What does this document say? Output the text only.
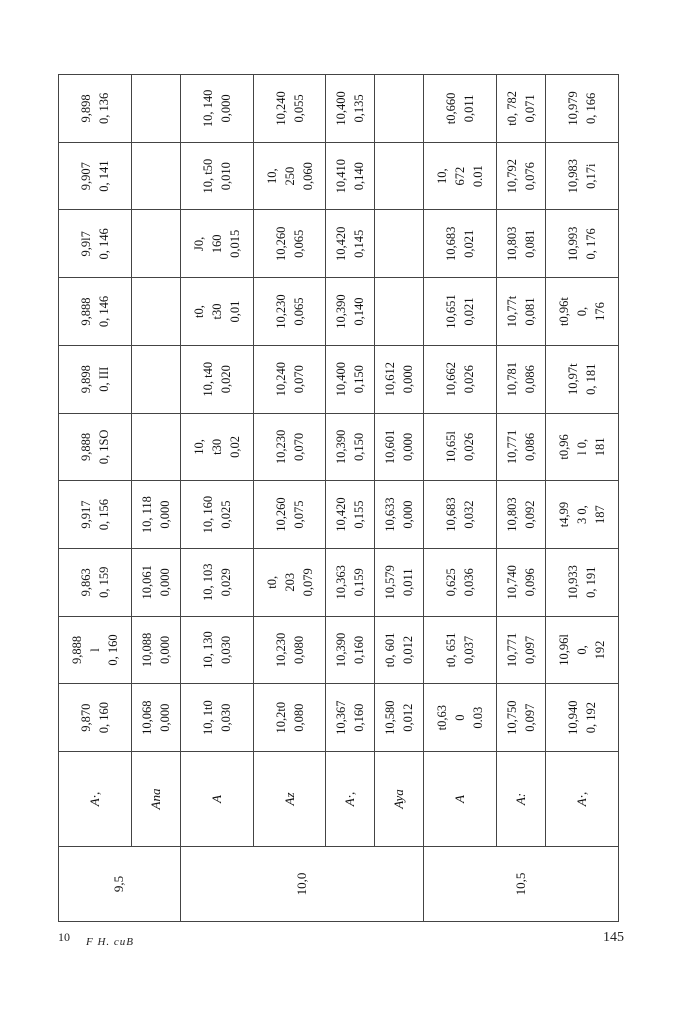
9,5	A·,	9,870 0, 160	9,888 l 0, 160	9,863 0, 159	9,917 0, 156	9,888 0, 1SO	9,898 0, III	9,888 0, 146	9,9l7 0, 146	9,907 0, 141	9,898 0, 136

	Ana	10,068 0,000	10,088 0,000	10,061 0,000	10, 118 0,000						

10,0	A	10, 1t0 0,030	10, 130 0,030	10, 103 0,029	10, 160 0,025	10, t30 0,02	10, t40 0,020	t0, t30 0,01	J0, 160 0,015	10, t50 0,010	10, 140 0,000

	Az	10,2t0 0,080	10,230 0,080	t0, 203 0,079	10,260 0,075	10,230 0,070	10,240 0,070	10,230 0,065	10,260 0,065	10, 250 0,060	10,240 0,055

	A·,	10,367 0,160	10,390 0,160	10,363 0,159	10,420 0,155	10,390 0,150	10,400 0,150	10,390 0,140	10,420 0,145	10,410 0,140	10,400 0,135

	Aya	10,580 0,012	t0, 601 0,012	10,579 0,011	10,633 0,000	10,601 0,000	10,612 0,000				

10,5	A	t0,63 0 0.03	t0, 651 0,037	0,625 0,036	10,683 0,032	10,65l 0,026	10,662 0,026	10,651 0,021	10,683 0,021	10, 672 0.01	t0,660 0,011

	A:	10,750 0,097	10,771 0,097	10,740 0,096	10,803 0,092	10,771 0,086	10,781 0,086	10,77t 0,081	10,803 0,081	10,792 0,076	t0, 782 0,071

	A·,	10,940 0, 192	10,96l 0, 192	10,933 0, 191	t4,99 3 0, 187	t0,96 l 0, 181	10,97t 0, 181	t0,96t 0, 176	10,993 0, 176	10,983 0,17i	10,979 0, 166
10 F H. cиB	145
